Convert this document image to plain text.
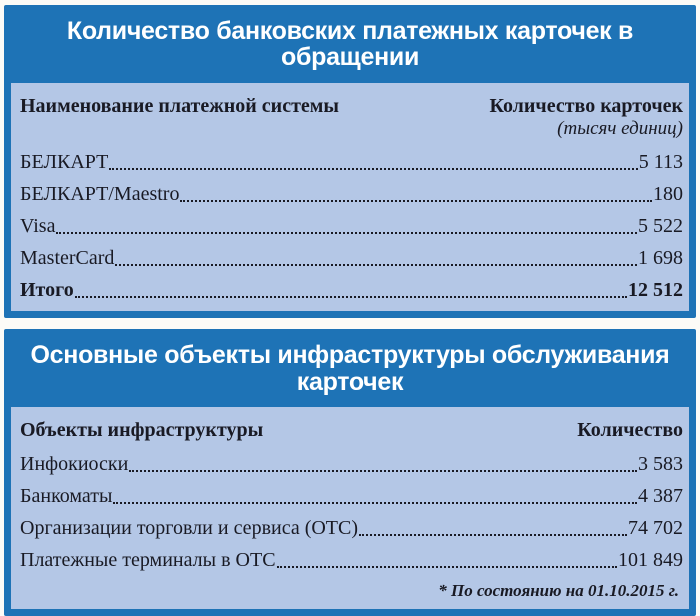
Количество банковских платежных карточек в обращении
Наименование платежной системы	Количество карточек
(тысяч единиц)
БЕЛКАРТ	5 113
БЕЛКАРТ/Maestro	180
Visa	5 522
MasterCard	1 698
Итого	12 512
Основные объекты инфраструктуры обслуживания карточек
Объекты инфраструктуры	Количество
Инфокиоски	3 583
Банкоматы	4 387
Организации торговли и сервиса (ОТС)	74 702
Платежные терминалы в ОТС	101 849
* По состоянию на 01.10.2015 г.
